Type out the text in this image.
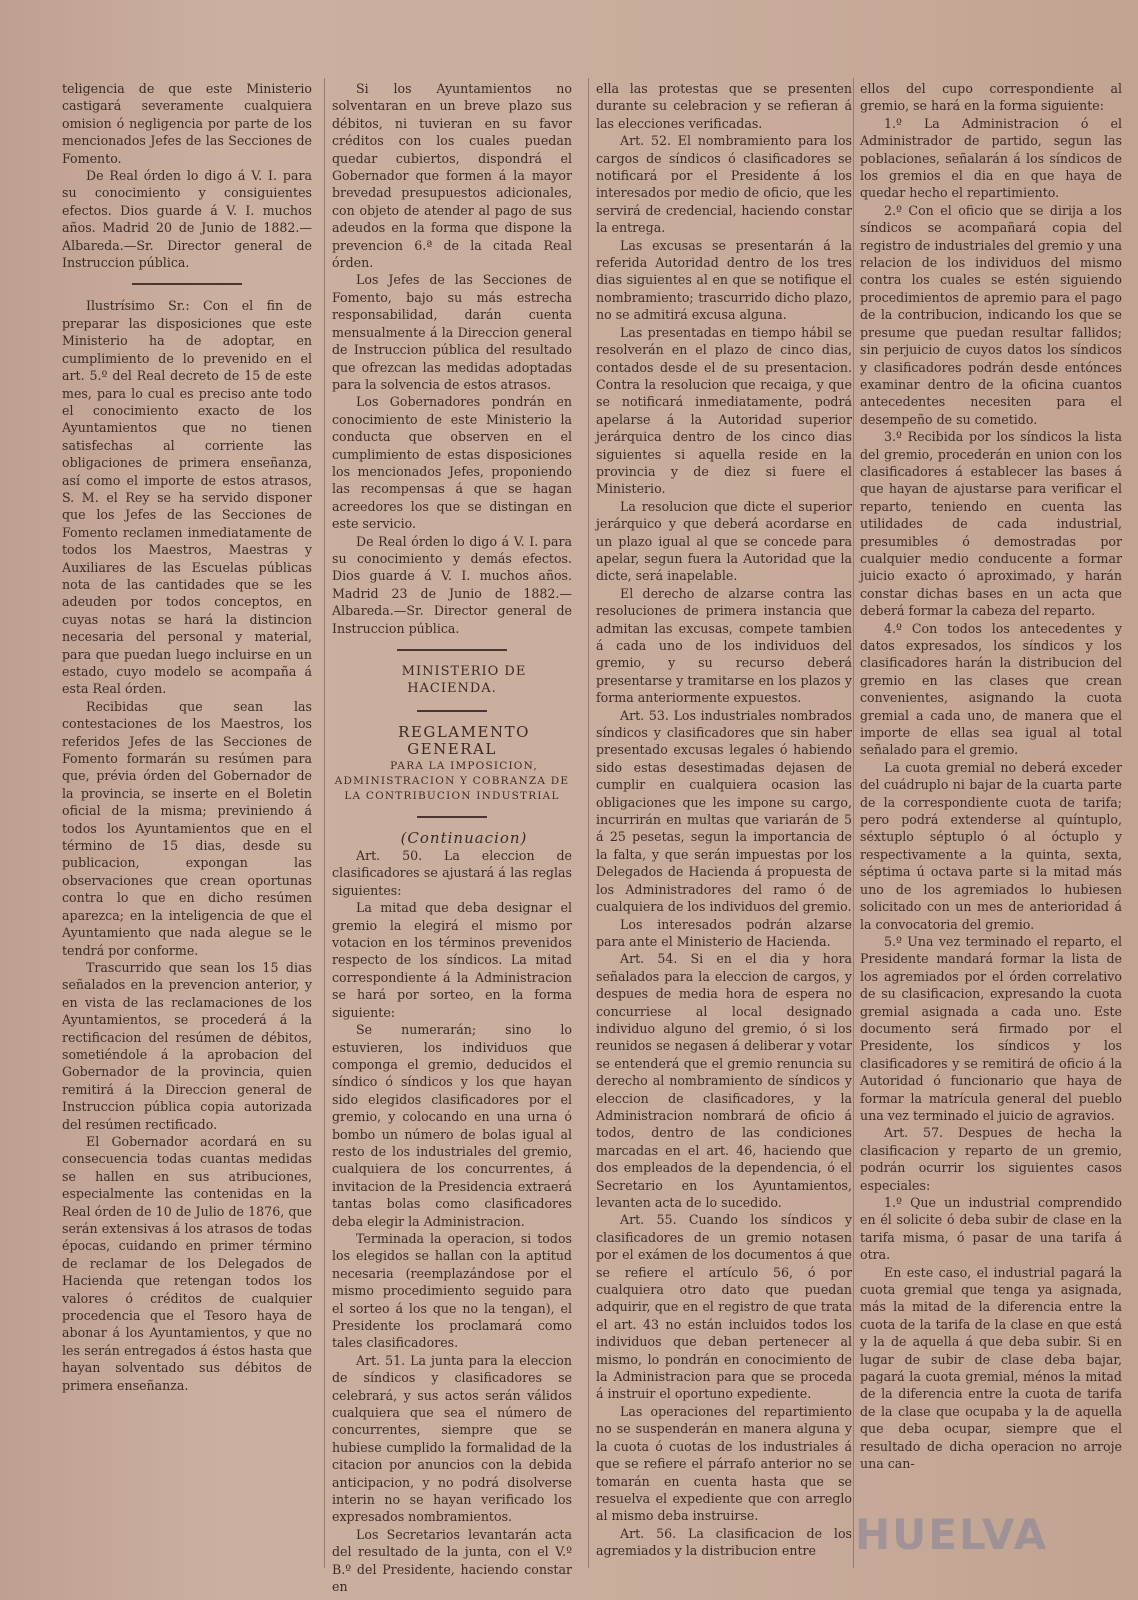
teligencia de que este Ministerio castigará severamente cualquiera omision ó negligencia por parte de los mencionados Jefes de las Secciones de Fomento.

De Real órden lo digo á V. I. para su conocimiento y consiguientes efectos. Dios guarde á V. I. muchos años. Madrid 20 de Junio de 1882.—Albareda.—Sr. Director general de Instruccion pública.

Ilustrísimo Sr.: Con el fin de preparar las disposiciones que este Ministerio ha de adoptar, en cumplimiento de lo prevenido en el art. 5.º del Real decreto de 15 de este mes, para lo cual es preciso ante todo el conocimiento exacto de los Ayuntamientos que no tienen satisfechas al corriente las obligaciones de primera enseñanza, así como el importe de estos atrasos, S. M. el Rey se ha servido disponer que los Jefes de las Secciones de Fomento reclamen inmediatamente de todos los Maestros, Maestras y Auxiliares de las Escuelas públicas nota de las cantidades que se les adeuden por todos conceptos, en cuyas notas se hará la distincion necesaria del personal y material, para que puedan luego incluirse en un estado, cuyo modelo se acompaña á esta Real órden.

Recibidas que sean las contestaciones de los Maestros, los referidos Jefes de las Secciones de Fomento formarán su resúmen para que, prévia órden del Gobernador de la provincia, se inserte en el Boletin oficial de la misma; previniendo á todos los Ayuntamientos que en el término de 15 dias, desde su publicacion, expongan las observaciones que crean oportunas contra lo que en dicho resúmen aparezca; en la inteligencia de que el Ayuntamiento que nada alegue se le tendrá por conforme.

Trascurrido que sean los 15 dias señalados en la prevencion anterior, y en vista de las reclamaciones de los Ayuntamientos, se procederá á la rectificacion del resúmen de débitos, sometiéndole á la aprobacion del Gobernador de la provincia, quien remitirá á la Direccion general de Instruccion pública copia autorizada del resúmen rectificado.

El Gobernador acordará en su consecuencia todas cuantas medidas se hallen en sus atribuciones, especialmente las contenidas en la Real órden de 10 de Julio de 1876, que serán extensivas á los atrasos de todas épocas, cuidando en primer término de reclamar de los Delegados de Hacienda que retengan todos los valores ó créditos de cualquier procedencia que el Tesoro haya de abonar á los Ayuntamientos, y que no les serán entregados á éstos hasta que hayan solventado sus débitos de primera enseñanza.

Si los Ayuntamientos no solventaran en un breve plazo sus débitos, ni tuvieran en su favor créditos con los cuales puedan quedar cubiertos, dispondrá el Gobernador que formen á la mayor brevedad presupuestos adicionales, con objeto de atender al pago de sus adeudos en la forma que dispone la prevencion 6.ª de la citada Real órden.

Los Jefes de las Secciones de Fomento, bajo su más estrecha responsabilidad, darán cuenta mensualmente á la Direccion general de Instruccion pública del resultado que ofrezcan las medidas adoptadas para la solvencia de estos atrasos.

Los Gobernadores pondrán en conocimiento de este Ministerio la conducta que observen en el cumplimiento de estas disposiciones los mencionados Jefes, proponiendo las recompensas á que se hagan acreedores los que se distingan en este servicio.

De Real órden lo digo á V. I. para su conocimiento y demás efectos. Dios guarde á V. I. muchos años. Madrid 23 de Junio de 1882.—Albareda.—Sr. Director general de Instruccion pública.

MINISTERIO DE HACIENDA.

REGLAMENTO GENERAL

PARA LA IMPOSICION, ADMINISTRACION Y COBRANZA DE LA CONTRIBUCION INDUSTRIAL

(Continuacion)

Art. 50. La eleccion de clasificadores se ajustará á las reglas siguientes:

La mitad que deba designar el gremio la elegirá el mismo por votacion en los términos prevenidos respecto de los síndicos. La mitad correspondiente á la Administracion se hará por sorteo, en la forma siguiente:

Se numerarán; sino lo estuvieren, los individuos que componga el gremio, deducidos el síndico ó síndicos y los que hayan sido elegidos clasificadores por el gremio, y colocando en una urna ó bombo un número de bolas igual al resto de los industriales del gremio, cualquiera de los concurrentes, á invitacion de la Presidencia extraerá tantas bolas como clasificadores deba elegir la Administracion.

Terminada la operacion, si todos los elegidos se hallan con la aptitud necesaria (reemplazándose por el mismo procedimiento seguido para el sorteo á los que no la tengan), el Presidente los proclamará como tales clasificadores.

Art. 51. La junta para la eleccion de síndicos y clasificadores se celebrará, y sus actos serán válidos cualquiera que sea el número de concurrentes, siempre que se hubiese cumplido la formalidad de la citacion por anuncios con la debida anticipacion, y no podrá disolverse interin no se hayan verificado los expresados nombramientos.

Los Secretarios levantarán acta del resultado de la junta, con el V.º B.º del Presidente, haciendo constar en

ella las protestas que se presenten durante su celebracion y se refieran á las elecciones verificadas.

Art. 52. El nombramiento para los cargos de síndicos ó clasificadores se notificará por el Presidente á los interesados por medio de oficio, que les servirá de credencial, haciendo constar la entrega.

Las excusas se presentarán á la referida Autoridad dentro de los tres dias siguientes al en que se notifique el nombramiento; trascurrido dicho plazo, no se admitirá excusa alguna.

Las presentadas en tiempo hábil se resolverán en el plazo de cinco dias, contados desde el de su presentacion. Contra la resolucion que recaiga, y que se notificará inmediatamente, podrá apelarse á la Autoridad superior jerárquica dentro de los cinco dias siguientes si aquella reside en la provincia y de diez si fuere el Ministerio.

La resolucion que dicte el superior jerárquico y que deberá acordarse en un plazo igual al que se concede para apelar, segun fuera la Autoridad que la dicte, será inapelable.

El derecho de alzarse contra las resoluciones de primera instancia que admitan las excusas, compete tambien á cada uno de los individuos del gremio, y su recurso deberá presentarse y tramitarse en los plazos y forma anteriormente expuestos.

Art. 53. Los industriales nombrados síndicos y clasificadores que sin haber presentado excusas legales ó habiendo sido estas desestimadas dejasen de cumplir en cualquiera ocasion las obligaciones que les impone su cargo, incurrirán en multas que variarán de 5 á 25 pesetas, segun la importancia de la falta, y que serán impuestas por los Delegados de Hacienda á propuesta de los Administradores del ramo ó de cualquiera de los individuos del gremio.

Los interesados podrán alzarse para ante el Ministerio de Hacienda.

Art. 54. Si en el dia y hora señalados para la eleccion de cargos, y despues de media hora de espera no concurriese al local designado individuo alguno del gremio, ó si los reunidos se negasen á deliberar y votar se entenderá que el gremio renuncia su derecho al nombramiento de síndicos y eleccion de clasificadores, y la Administracion nombrará de oficio á todos, dentro de las condiciones marcadas en el art. 46, haciendo que dos empleados de la dependencia, ó el Secretario en los Ayuntamientos, levanten acta de lo sucedido.

Art. 55. Cuando los síndicos y clasificadores de un gremio notasen por el exámen de los documentos á que se refiere el artículo 56, ó por cualquiera otro dato que puedan adquirir, que en el registro de que trata el art. 43 no están incluidos todos los individuos que deban pertenecer al mismo, lo pondrán en conocimiento de la Administracion para que se proceda á instruir el oportuno expediente.

Las operaciones del repartimiento no se suspenderán en manera alguna y la cuota ó cuotas de los industriales á que se refiere el párrafo anterior no se tomarán en cuenta hasta que se resuelva el expediente que con arreglo al mismo deba instruirse.

Art. 56. La clasificacion de los agremiados y la distribucion entre

ellos del cupo correspondiente al gremio, se hará en la forma siguiente:

1.º La Administracion ó el Administrador de partido, segun las poblaciones, señalarán á los síndicos de los gremios el dia en que haya de quedar hecho el repartimiento.

2.º Con el oficio que se dirija a los síndicos se acompañará copia del registro de industriales del gremio y una relacion de los individuos del mismo contra los cuales se estén siguiendo procedimientos de apremio para el pago de la contribucion, indicando los que se presume que puedan resultar fallidos; sin perjuicio de cuyos datos los síndicos y clasificadores podrán desde entónces examinar dentro de la oficina cuantos antecedentes necesiten para el desempeño de su cometido.

3.º Recibida por los síndicos la lista del gremio, procederán en union con los clasificadores á establecer las bases á que hayan de ajustarse para verificar el reparto, teniendo en cuenta las utilidades de cada industrial, presumibles ó demostradas por cualquier medio conducente a formar juicio exacto ó aproximado, y harán constar dichas bases en un acta que deberá formar la cabeza del reparto.

4.º Con todos los antecedentes y datos expresados, los síndicos y los clasificadores harán la distribucion del gremio en las clases que crean convenientes, asignando la cuota gremial a cada uno, de manera que el importe de ellas sea igual al total señalado para el gremio.

La cuota gremial no deberá exceder del cuádruplo ni bajar de la cuarta parte de la correspondiente cuota de tarifa; pero podrá extenderse al quíntuplo, séxtuplo séptuplo ó al óctuplo y respectivamente a la quinta, sexta, séptima ú octava parte si la mitad más uno de los agremiados lo hubiesen solicitado con un mes de anterioridad á la convocatoria del gremio.

5.º Una vez terminado el reparto, el Presidente mandará formar la lista de los agremiados por el órden correlativo de su clasificacion, expresando la cuota gremial asignada a cada uno. Este documento será firmado por el Presidente, los síndicos y los clasificadores y se remitirá de oficio á la Autoridad ó funcionario que haya de formar la matrícula general del pueblo una vez terminado el juicio de agravios.

Art. 57. Despues de hecha la clasificacion y reparto de un gremio, podrán ocurrir los siguientes casos especiales:

1.º Que un industrial comprendido en él solicite ó deba subir de clase en la tarifa misma, ó pasar de una tarifa á otra.

En este caso, el industrial pagará la cuota gremial que tenga ya asignada, más la mitad de la diferencia entre la cuota de la tarifa de la clase en que está y la de aquella á que deba subir. Si en lugar de subir de clase deba bajar, pagará la cuota gremial, ménos la mitad de la diferencia entre la cuota de tarifa de la clase que ocupaba y la de aquella que deba ocupar, siempre que el resultado de dicha operacion no arroje una can-

HUELVA
